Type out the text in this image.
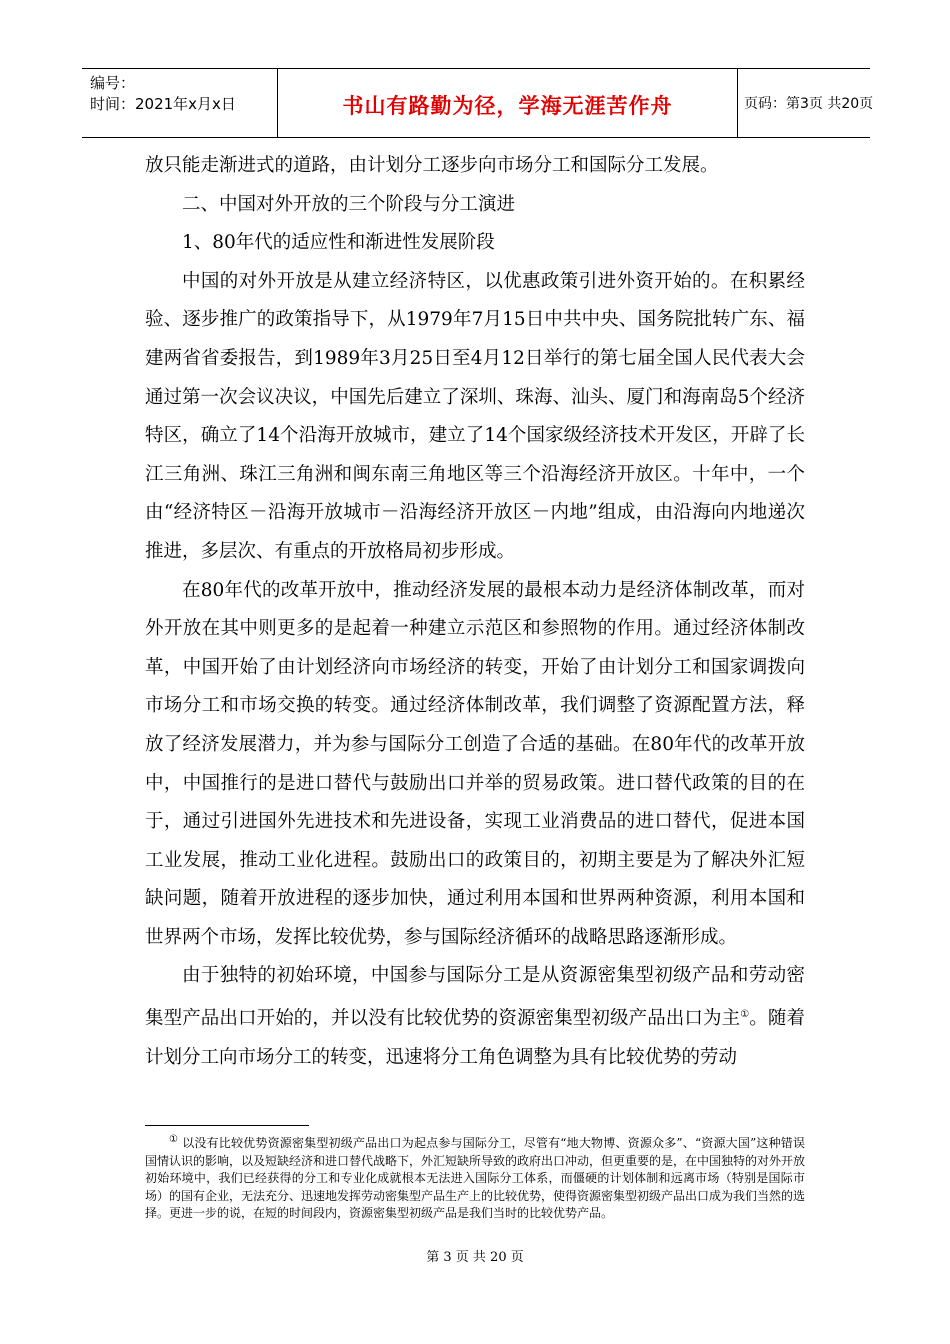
编号：
时间：2021年x月x日	书山有路勤为径，学海无涯苦作舟	页码：第3页 共20页

放只能走渐进式的道路，由计划分工逐步向市场分工和国际分工发展。

二、中国对外开放的三个阶段与分工演进

1、80年代的适应性和渐进性发展阶段

中国的对外开放是从建立经济特区，以优惠政策引进外资开始的。在积累经验、逐步推广的政策指导下，从1979年7月15日中共中央、国务院批转广东、福建两省省委报告，到1989年3月25日至4月12日举行的第七届全国人民代表大会通过第一次会议决议，中国先后建立了深圳、珠海、汕头、厦门和海南岛5个经济特区，确立了14个沿海开放城市，建立了14个国家级经济技术开发区，开辟了长江三角洲、珠江三角洲和闽东南三角地区等三个沿海经济开放区。十年中，一个由“经济特区－沿海开放城市－沿海经济开放区－内地”组成，由沿海向内地递次推进，多层次、有重点的开放格局初步形成。

在80年代的改革开放中，推动经济发展的最根本动力是经济体制改革，而对外开放在其中则更多的是起着一种建立示范区和参照物的作用。通过经济体制改革，中国开始了由计划经济向市场经济的转变，开始了由计划分工和国家调拨向市场分工和市场交换的转变。通过经济体制改革，我们调整了资源配置方法，释放了经济发展潜力，并为参与国际分工创造了合适的基础。在80年代的改革开放中，中国推行的是进口替代与鼓励出口并举的贸易政策。进口替代政策的目的在于，通过引进国外先进技术和先进设备，实现工业消费品的进口替代，促进本国工业发展，推动工业化进程。鼓励出口的政策目的，初期主要是为了解决外汇短缺问题，随着开放进程的逐步加快，通过利用本国和世界两种资源，利用本国和世界两个市场，发挥比较优势，参与国际经济循环的战略思路逐渐形成。

由于独特的初始环境，中国参与国际分工是从资源密集型初级产品和劳动密集型产品出口开始的，并以没有比较优势的资源密集型初级产品出口为主①。随着计划分工向市场分工的转变，迅速将分工角色调整为具有比较优势的劳动

① 以没有比较优势资源密集型初级产品出口为起点参与国际分工，尽管有“地大物博、资源众多”、“资源大国”这种错误国情认识的影响，以及短缺经济和进口替代战略下，外汇短缺所导致的政府出口冲动，但更重要的是，在中国独特的对外开放初始环境中，我们已经获得的分工和专业化成就根本无法进入国际分工体系，而僵硬的计划体制和远离市场（特别是国际市场）的国有企业，无法充分、迅速地发挥劳动密集型产品生产上的比较优势，使得资源密集型初级产品出口成为我们当然的选择。更进一步的说，在短的时间段内，资源密集型初级产品是我们当时的比较优势产品。
第 3 页 共 20 页
